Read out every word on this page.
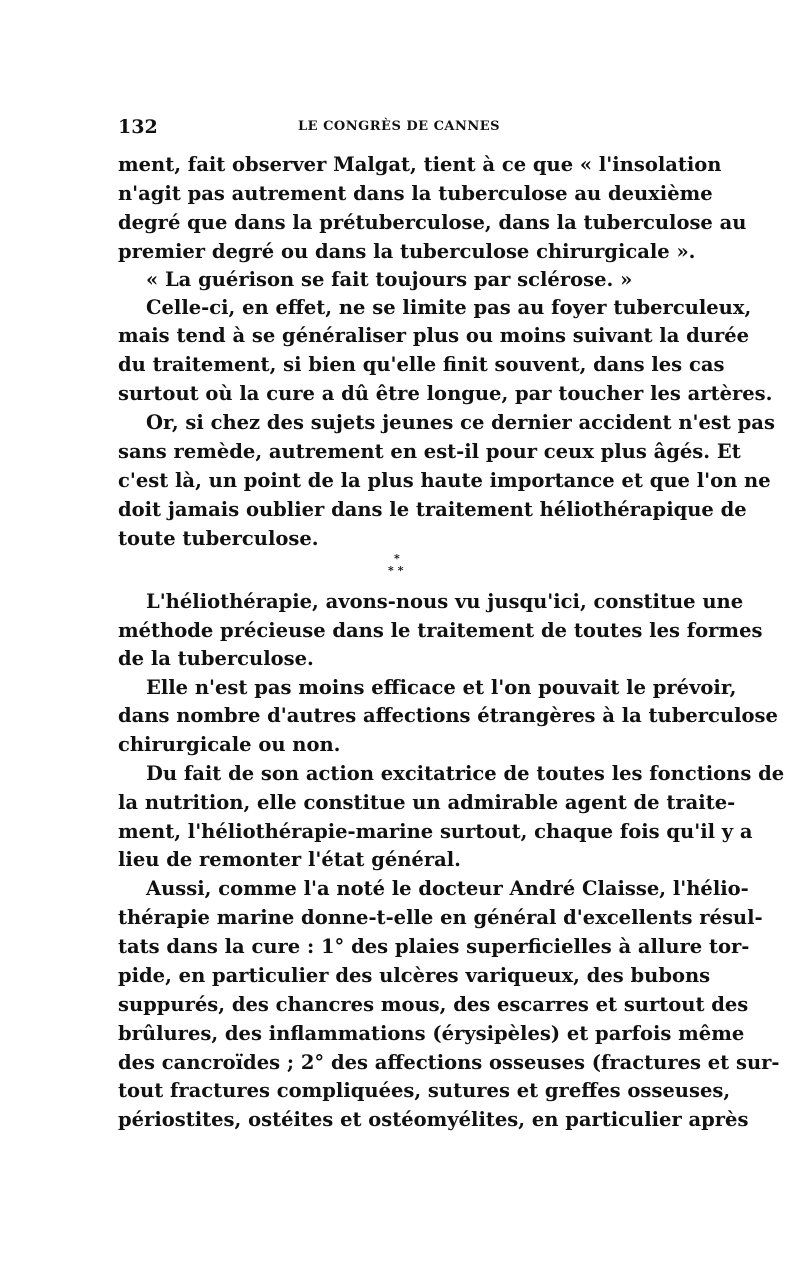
132	LE CONGRÈS DE CANNES
ment, fait observer Malgat, tient à ce que « l'insolation
n'agit pas autrement dans la tuberculose au deuxième
degré que dans la prétuberculose, dans la tuberculose au
premier degré ou dans la tuberculose chirurgicale ».
« La guérison se fait toujours par sclérose. »
Celle-ci, en effet, ne se limite pas au foyer tuberculeux,
mais tend à se généraliser plus ou moins suivant la durée
du traitement, si bien qu'elle finit souvent, dans les cas
surtout où la cure a dû être longue, par toucher les artères.
Or, si chez des sujets jeunes ce dernier accident n'est pas
sans remède, autrement en est-il pour ceux plus âgés. Et
c'est là, un point de la plus haute importance et que l'on ne
doit jamais oublier dans le traitement héliothérapique de
toute tuberculose.
*
**
L'héliothérapie, avons-nous vu jusqu'ici, constitue une
méthode précieuse dans le traitement de toutes les formes
de la tuberculose.
Elle n'est pas moins efficace et l'on pouvait le prévoir,
dans nombre d'autres affections étrangères à la tuberculose
chirurgicale ou non.
Du fait de son action excitatrice de toutes les fonctions de
la nutrition, elle constitue un admirable agent de traite-
ment, l'héliothérapie-marine surtout, chaque fois qu'il y a
lieu de remonter l'état général.
Aussi, comme l'a noté le docteur André Claisse, l'hélio-
thérapie marine donne-t-elle en général d'excellents résul-
tats dans la cure : 1° des plaies superficielles à allure tor-
pide, en particulier des ulcères variqueux, des bubons
suppurés, des chancres mous, des escarres et surtout des
brûlures, des inflammations (érysipèles) et parfois même
des cancroïdes ; 2° des affections osseuses (fractures et sur-
tout fractures compliquées, sutures et greffes osseuses,
périostites, ostéites et ostéomyélites, en particulier après
